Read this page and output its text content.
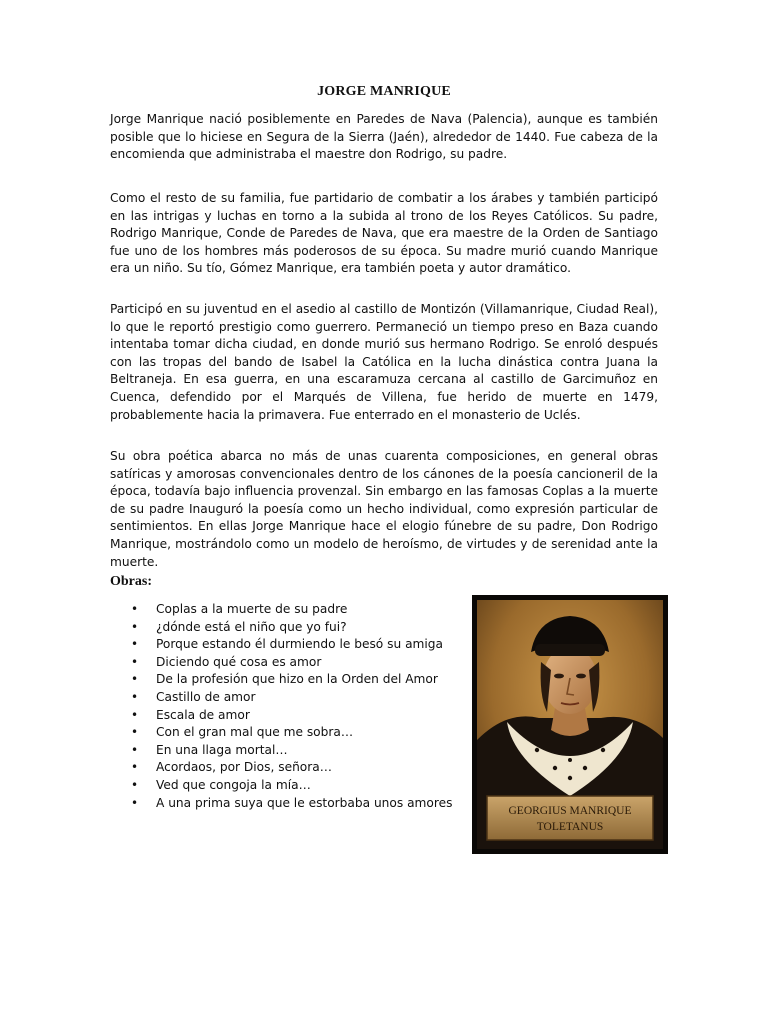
JORGE MANRIQUE

Jorge Manrique nació posiblemente en Paredes de Nava (Palencia), aunque es también posible que lo hiciese en Segura de la Sierra (Jaén), alrededor de 1440. Fue cabeza de la encomienda que administraba el maestre don Rodrigo, su padre.

Como el resto de su familia, fue partidario de combatir a los árabes y también participó en las intrigas y luchas en torno a la subida al trono de los Reyes Católicos. Su padre, Rodrigo Manrique, Conde de Paredes de Nava, que era maestre de la Orden de Santiago fue uno de los hombres más poderosos de su época. Su madre murió cuando Manrique era un niño. Su tío, Gómez Manrique, era también poeta y autor dramático.

Participó en su juventud en el asedio al castillo de Montizón (Villamanrique, Ciudad Real), lo que le reportó prestigio como guerrero. Permaneció un tiempo preso en Baza cuando intentaba tomar dicha ciudad, en donde murió sus hermano Rodrigo. Se enroló después con las tropas del bando de Isabel la Católica en la lucha dinástica contra Juana la Beltraneja. En esa guerra, en una escaramuza cercana al castillo de Garcimuñoz en Cuenca, defendido por el Marqués de Villena, fue herido de muerte en 1479, probablemente hacia la primavera. Fue enterrado en el monasterio de Uclés.

Su obra poética abarca no más de unas cuarenta composiciones, en general obras satíricas y amorosas convencionales dentro de los cánones de la poesía cancioneril de la época, todavía bajo influencia provenzal. Sin embargo en las famosas Coplas a la muerte de su padre Inauguró la poesía como un hecho individual, como expresión particular de sentimientos. En ellas Jorge Manrique hace el elogio fúnebre de su padre, Don Rodrigo Manrique, mostrándolo como un modelo de heroísmo, de virtudes y de serenidad ante la muerte.

Obras:
• Coplas a la muerte de su padre
• ¿dónde está el niño que yo fui?
• Porque estando él durmiendo le besó su amiga
• Diciendo qué cosa es amor
• De la profesión que hizo en la Orden del Amor
• Castillo de amor
• Escala de amor
• Con el gran mal que me sobra…
• En una llaga mortal…
• Acordaos, por Dios, señora…
• Ved que congoja la mía…
• A una prima suya que le estorbaba unos amores
GEORGIUS MANRIQUE
TOLETANUS
